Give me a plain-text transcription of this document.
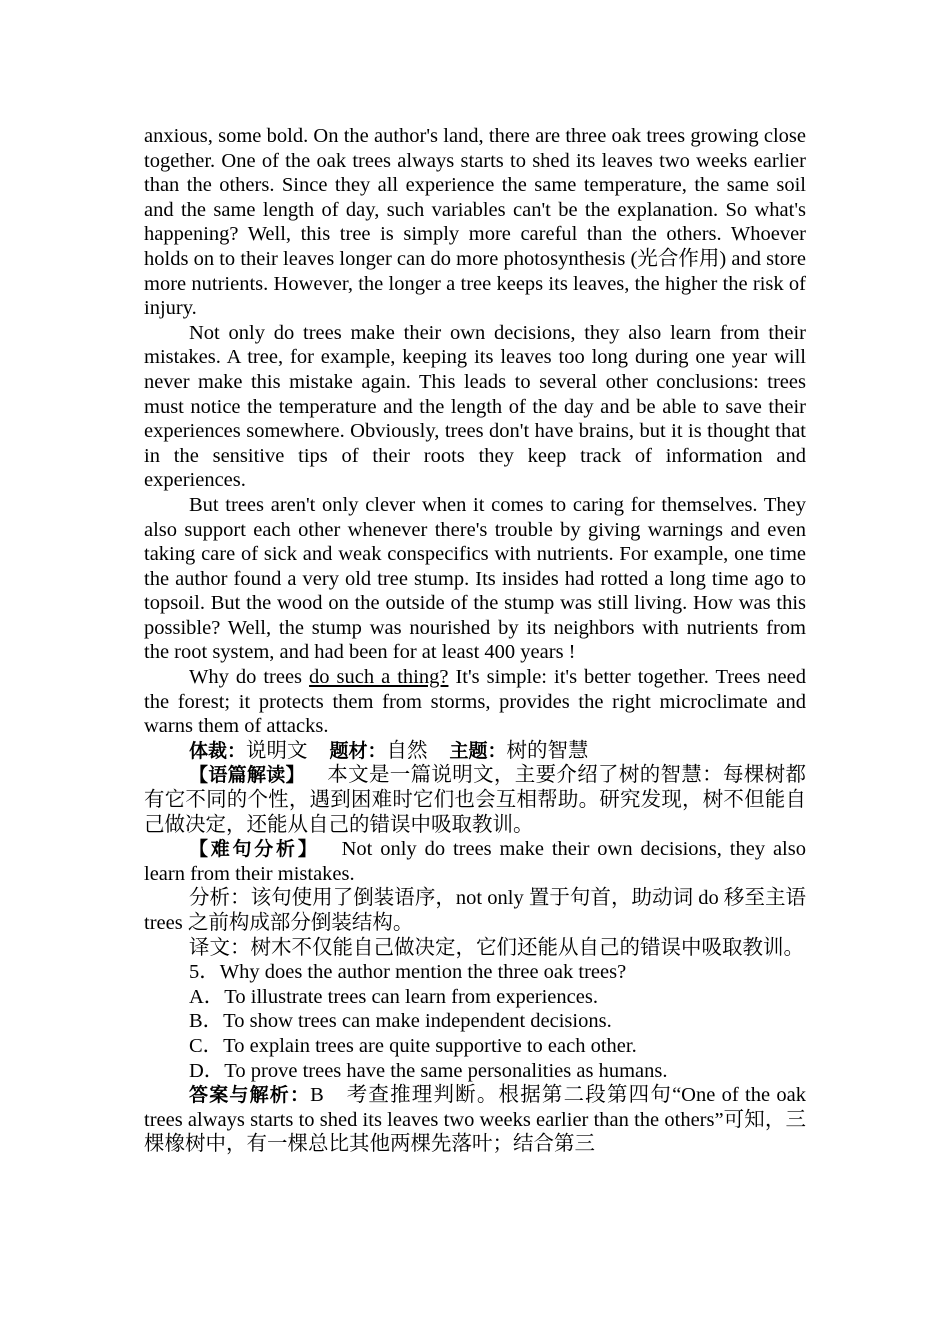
anxious, some bold. On the author's land, there are three oak trees growing close together. One of the oak trees always starts to shed its leaves two weeks earlier than the others. Since they all experience the same temperature, the same soil and the same length of day, such variables can't be the explanation. So what's happening? Well, this tree is simply more careful than the others. Whoever holds on to their leaves longer can do more photosynthesis (光合作用) and store more nutrients. However, the longer a tree keeps its leaves, the higher the risk of injury.

Not only do trees make their own decisions, they also learn from their mistakes. A tree, for example, keeping its leaves too long during one year will never make this mistake again. This leads to several other conclusions: trees must notice the temperature and the length of the day and be able to save their experiences somewhere. Obviously, trees don't have brains, but it is thought that in the sensitive tips of their roots they keep track of information and experiences.

But trees aren't only clever when it comes to caring for themselves. They also support each other whenever there's trouble by giving warnings and even taking care of sick and weak conspecifics with nutrients. For example, one time the author found a very old tree stump. Its insides had rotted a long time ago to topsoil. But the wood on the outside of the stump was still living. How was this possible? Well, the stump was nourished by its neighbors with nutrients from the root system, and had been for at least 400 years !

Why do trees do such a thing? It's simple: it's better together. Trees need the forest; it protects them from storms, provides the right microclimate and warns them of attacks.

体裁：说明文 题材：自然 主题：树的智慧

【语篇解读】 本文是一篇说明文，主要介绍了树的智慧：每棵树都有它不同的个性，遇到困难时它们也会互相帮助。研究发现，树不但能自己做决定，还能从自己的错误中吸取教训。

【难句分析】 Not only do trees make their own decisions, they also learn from their mistakes.

分析：该句使用了倒装语序，not only 置于句首，助动词 do 移至主语 trees 之前构成部分倒装结构。

译文：树木不仅能自己做决定，它们还能从自己的错误中吸取教训。

5．Why does the author mention the three oak trees?

A．To illustrate trees can learn from experiences.

B．To show trees can make independent decisions.

C．To explain trees are quite supportive to each other.

D．To prove trees have the same personalities as humans.

答案与解析：B　考查推理判断。根据第二段第四句“One of the oak trees always starts to shed its leaves two weeks earlier than the others”可知，三棵橡树中，有一棵总比其他两棵先落叶；结合第三
